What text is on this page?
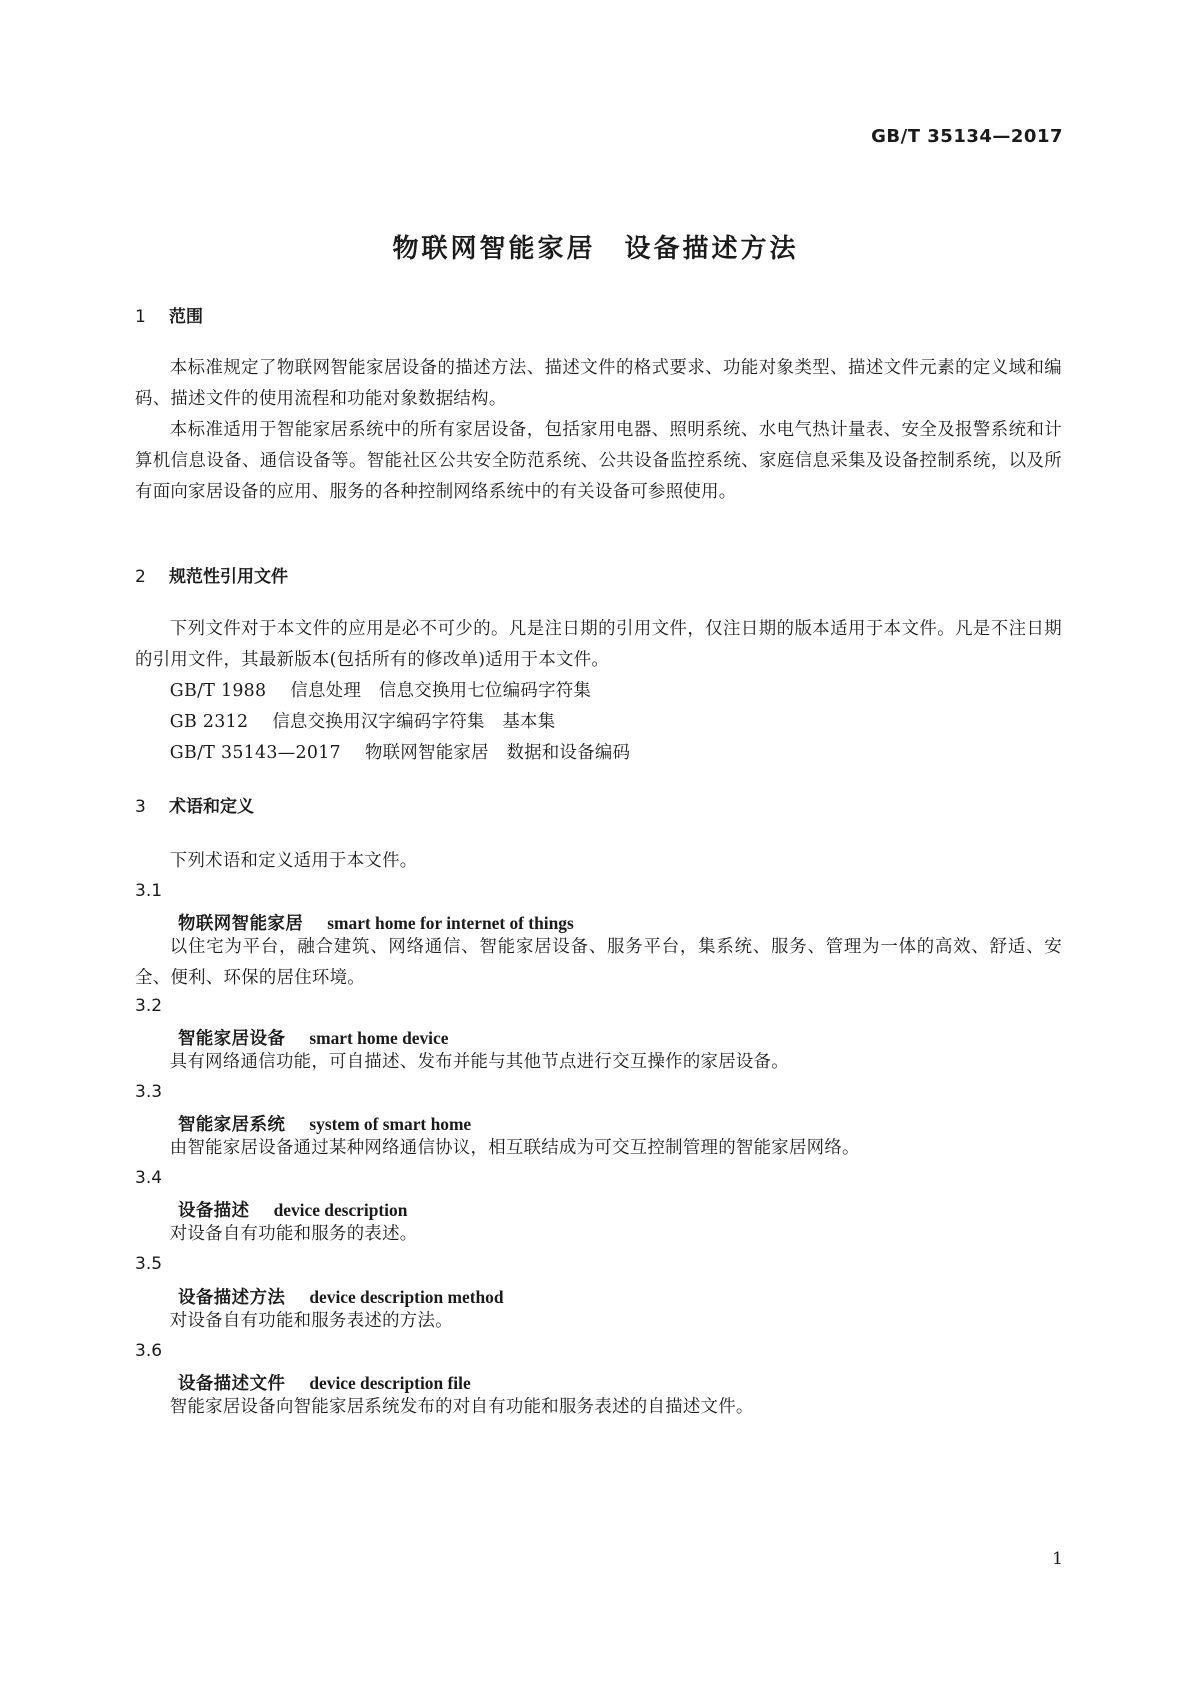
GB/T 35134—2017
物联网智能家居　设备描述方法
1 范围

本标准规定了物联网智能家居设备的描述方法、描述文件的格式要求、功能对象类型、描述文件元素的定义域和编码、描述文件的使用流程和功能对象数据结构。

本标准适用于智能家居系统中的所有家居设备，包括家用电器、照明系统、水电气热计量表、安全及报警系统和计算机信息设备、通信设备等。智能社区公共安全防范系统、公共设备监控系统、家庭信息采集及设备控制系统，以及所有面向家居设备的应用、服务的各种控制网络系统中的有关设备可参照使用。

2 规范性引用文件

下列文件对于本文件的应用是必不可少的。凡是注日期的引用文件，仅注日期的版本适用于本文件。凡是不注日期的引用文件，其最新版本(包括所有的修改单)适用于本文件。

GB/T 1988 信息处理　信息交换用七位编码字符集

GB 2312 信息交换用汉字编码字符集　基本集

GB/T 35143—2017 物联网智能家居　数据和设备编码

3 术语和定义

下列术语和定义适用于本文件。

3.1
物联网智能家居 smart home for internet of things

以住宅为平台，融合建筑、网络通信、智能家居设备、服务平台，集系统、服务、管理为一体的高效、舒适、安全、便利、环保的居住环境。

3.2
智能家居设备 smart home device

具有网络通信功能，可自描述、发布并能与其他节点进行交互操作的家居设备。

3.3
智能家居系统 system of smart home

由智能家居设备通过某种网络通信协议，相互联结成为可交互控制管理的智能家居网络。

3.4
设备描述 device description

对设备自有功能和服务的表述。

3.5
设备描述方法 device description method

对设备自有功能和服务表述的方法。

3.6
设备描述文件 device description file

智能家居设备向智能家居系统发布的对自有功能和服务表述的自描述文件。

1
